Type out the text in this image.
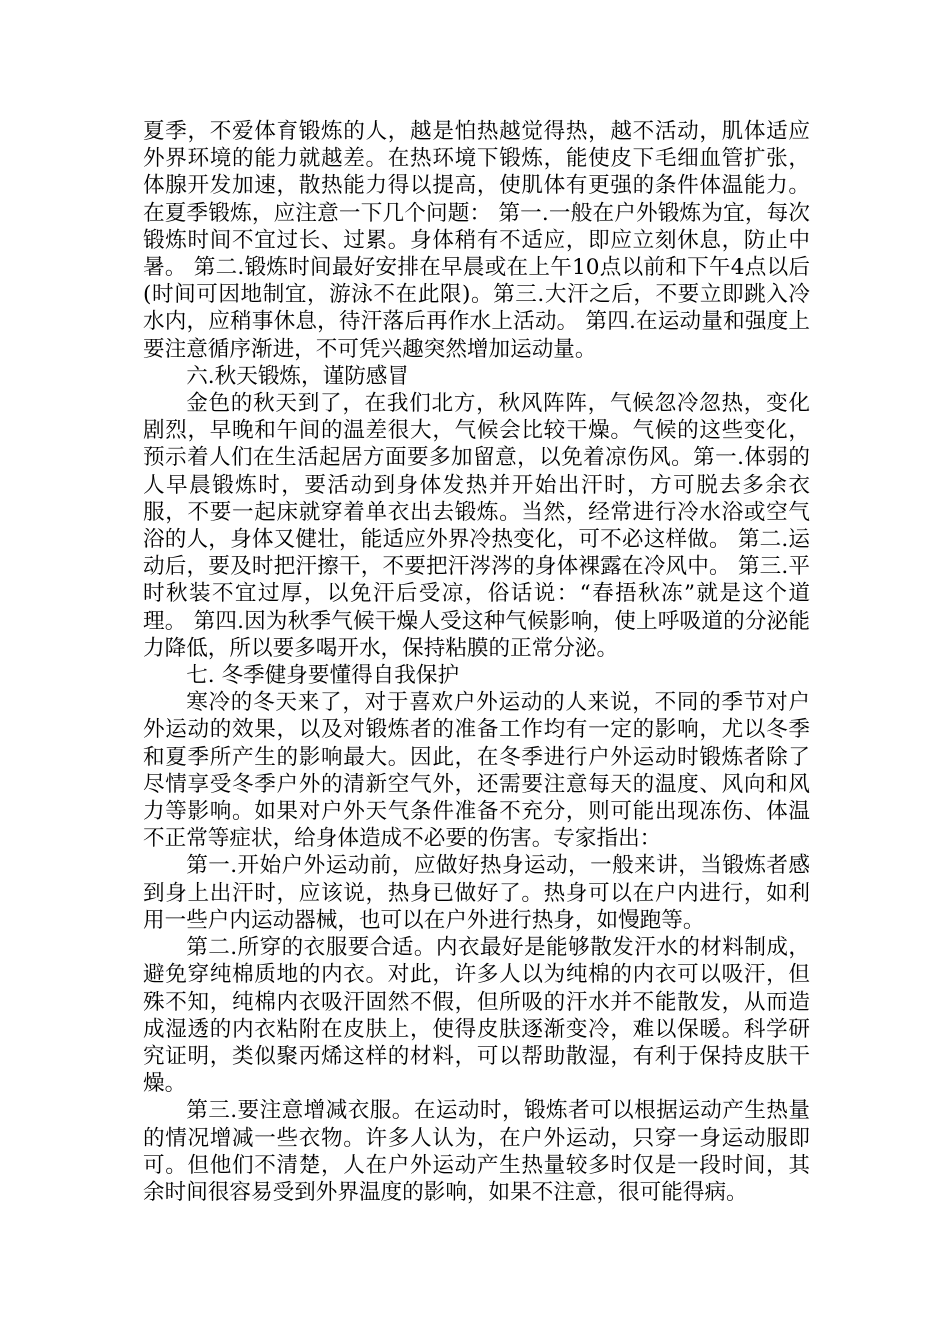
夏季，不爱体育锻炼的人，越是怕热越觉得热，越不活动，肌体适应外界环境的能力就越差。在热环境下锻炼，能使皮下毛细血管扩张，体腺开发加速，散热能力得以提高，使肌体有更强的条件体温能力。在夏季锻炼，应注意一下几个问题： 第一.一般在户外锻炼为宜，每次锻炼时间不宜过长、过累。身体稍有不适应，即应立刻休息，防止中暑。 第二.锻炼时间最好安排在早晨或在上午10点以前和下午4点以后(时间可因地制宜，游泳不在此限)。第三.大汗之后，不要立即跳入冷水内，应稍事休息，待汗落后再作水上活动。 第四.在运动量和强度上要注意循序渐进，不可凭兴趣突然增加运动量。

六.秋天锻炼，谨防感冒

金色的秋天到了，在我们北方，秋风阵阵，气候忽冷忽热，变化剧烈，早晚和午间的温差很大，气候会比较干燥。气候的这些变化，预示着人们在生活起居方面要多加留意，以免着凉伤风。第一.体弱的人早晨锻炼时，要活动到身体发热并开始出汗时，方可脱去多余衣服，不要一起床就穿着单衣出去锻炼。当然，经常进行冷水浴或空气浴的人，身体又健壮，能适应外界冷热变化，可不必这样做。 第二.运动后，要及时把汗擦干，不要把汗涔涔的身体裸露在冷风中。 第三.平时秋装不宜过厚，以免汗后受凉，俗话说：“春捂秋冻”就是这个道理。 第四.因为秋季气候干燥人受这种气候影响，使上呼吸道的分泌能力降低，所以要多喝开水，保持粘膜的正常分泌。

七. 冬季健身要懂得自我保护

寒冷的冬天来了，对于喜欢户外运动的人来说，不同的季节对户外运动的效果，以及对锻炼者的准备工作均有一定的影响，尤以冬季和夏季所产生的影响最大。因此，在冬季进行户外运动时锻炼者除了尽情享受冬季户外的清新空气外，还需要注意每天的温度、风向和风力等影响。如果对户外天气条件准备不充分，则可能出现冻伤、体温不正常等症状，给身体造成不必要的伤害。专家指出：

第一.开始户外运动前，应做好热身运动，一般来讲，当锻炼者感到身上出汗时，应该说，热身已做好了。热身可以在户内进行，如利用一些户内运动器械，也可以在户外进行热身，如慢跑等。

第二.所穿的衣服要合适。内衣最好是能够散发汗水的材料制成，避免穿纯棉质地的内衣。对此，许多人以为纯棉的内衣可以吸汗，但殊不知，纯棉内衣吸汗固然不假，但所吸的汗水并不能散发，从而造成湿透的内衣粘附在皮肤上，使得皮肤逐渐变冷，难以保暖。科学研究证明，类似聚丙烯这样的材料，可以帮助散湿，有利于保持皮肤干燥。

第三.要注意增减衣服。在运动时，锻炼者可以根据运动产生热量的情况增减一些衣物。许多人认为，在户外运动，只穿一身运动服即可。但他们不清楚，人在户外运动产生热量较多时仅是一段时间，其余时间很容易受到外界温度的影响，如果不注意，很可能得病。
